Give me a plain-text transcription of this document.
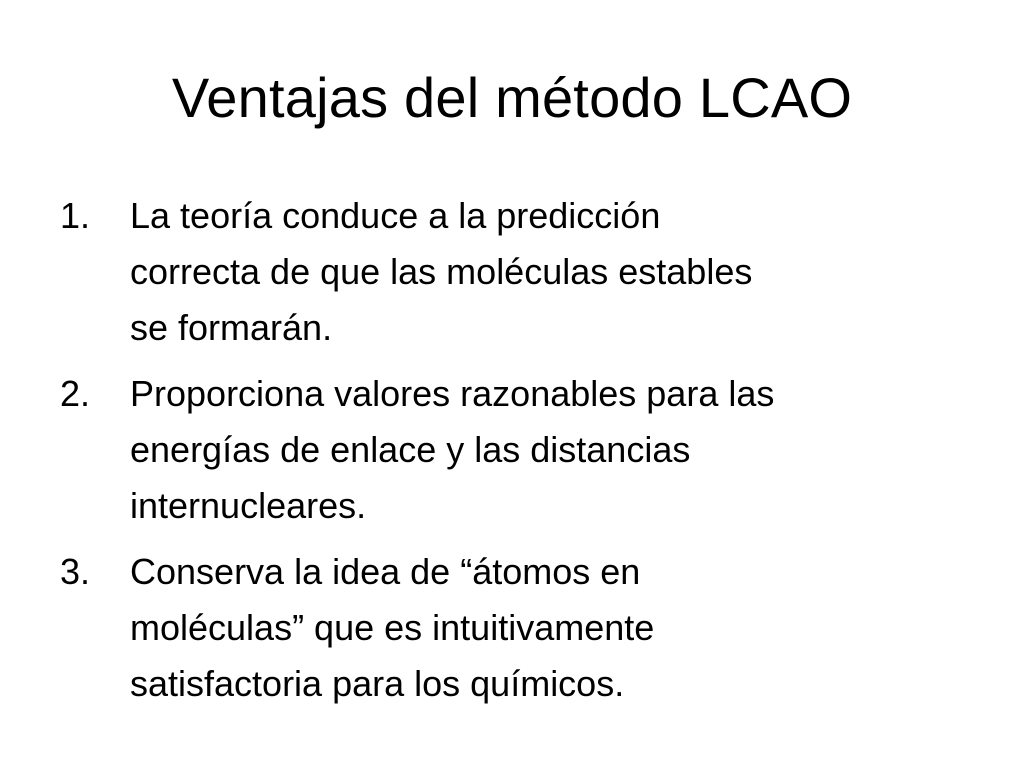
Ventajas del método LCAO
1. La teoría conduce a la predicción
correcta de que las moléculas estables
se formarán.
2. Proporciona valores razonables para las
energías de enlace y las distancias
internucleares.
3. Conserva la idea de “átomos en
moléculas” que es intuitivamente
satisfactoria para los químicos.
